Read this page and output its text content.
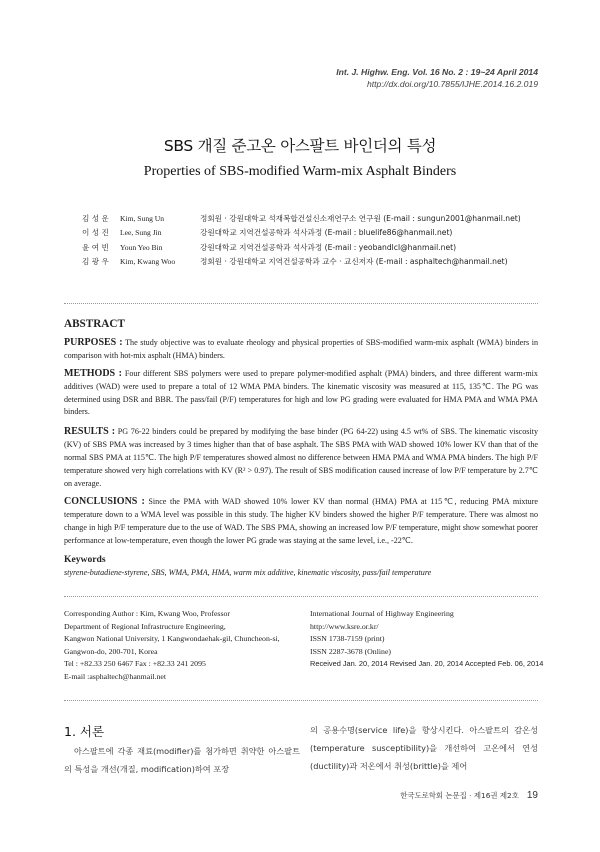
Int. J. Highw. Eng. Vol. 16 No. 2 : 19~24 April 2014
http://dx.doi.org/10.7855/IJHE.2014.16.2.019
SBS 개질 준고온 아스팔트 바인더의 특성
Properties of SBS-modified Warm-mix Asphalt Binders
김 성 운	Kim, Sung Un	정회원 · 강원대학교 석재복합건설신소재연구소 연구원 (E-mail : sungun2001@hanmail.net)
이 성 진	Lee, Sung Jin	강원대학교 지역건설공학과 석사과정 (E-mail : bluelife86@hanmail.net)
윤 여 빈	Youn Yeo Bin	강원대학교 지역건설공학과 석사과정 (E-mail : yeobandlcl@hanmail.net)
김 광 우	Kim, Kwang Woo	정회원 · 강원대학교 지역건설공학과 교수 · 교신저자 (E-mail : asphaltech@hanmail.net)
ABSTRACT

PURPOSES : The study objective was to evaluate rheology and physical properties of SBS-modified warm-mix asphalt (WMA) binders in comparison with hot-mix asphalt (HMA) binders.

METHODS : Four different SBS polymers were used to prepare polymer-modified asphalt (PMA) binders, and three different warm-mix additives (WAD) were used to prepare a total of 12 WMA PMA binders. The kinematic viscosity was measured at 115, 135℃. The PG was determined using DSR and BBR. The pass/fail (P/F) temperatures for high and low PG grading were evaluated for HMA PMA and WMA PMA binders.

RESULTS : PG 76-22 binders could be prepared by modifying the base binder (PG 64-22) using 4.5 wt% of SBS. The kinematic viscosity (KV) of SBS PMA was increased by 3 times higher than that of base asphalt. The SBS PMA with WAD showed 10% lower KV than that of the normal SBS PMA at 115℃. The high P/F temperatures showed almost no difference between HMA PMA and WMA PMA binders. The high P/F temperature showed very high correlations with KV (R² > 0.97). The result of SBS modification caused increase of low P/F temperature by 2.7℃ on average.

CONCLUSIONS : Since the PMA with WAD showed 10% lower KV than normal (HMA) PMA at 115℃, reducing PMA mixture temperature down to a WMA level was possible in this study. The higher KV binders showed the higher P/F temperature. There was almost no change in high P/F temperature due to the use of WAD. The SBS PMA, showing an increased low P/F temperature, might show somewhat poorer performance at low-temperature, even though the lower PG grade was staying at the same level, i.e., -22℃.

Keywords
styrene-butadiene-styrene, SBS, WMA, PMA, HMA, warm mix additive, kinematic viscosity, pass/fail temperature
Corresponding Author : Kim, Kwang Woo, Professor
Department of Regional Infrastructure Engineering,
Kangwon National University, 1 Kangwondaehak-gil, Chuncheon-si,
Gangwon-do, 200-701, Korea
Tel : +82.33 250 6467 Fax : +82.33 241 2095
E-mail :asphaltech@hanmail.net
International Journal of Highway Engineering
http://www.ksre.or.kr/
ISSN 1738-7159 (print)
ISSN 2287-3678 (Online)
Received Jan. 20, 2014 Revised Jan. 20, 2014 Accepted Feb. 06, 2014
1. 서론
아스팔트에 각종 재료(modifier)를 첨가하면 취약한 아스팔트의 특성을 개선(개질, modification)하여 포장
의 공용수명(service life)을 향상시킨다. 아스팔트의 감온성(temperature susceptibility)을 개선하여 고온에서 연성(ductility)과 저온에서 취성(brittle)을 제어
한국도로학회 논문집 · 제16권 제2호 19
